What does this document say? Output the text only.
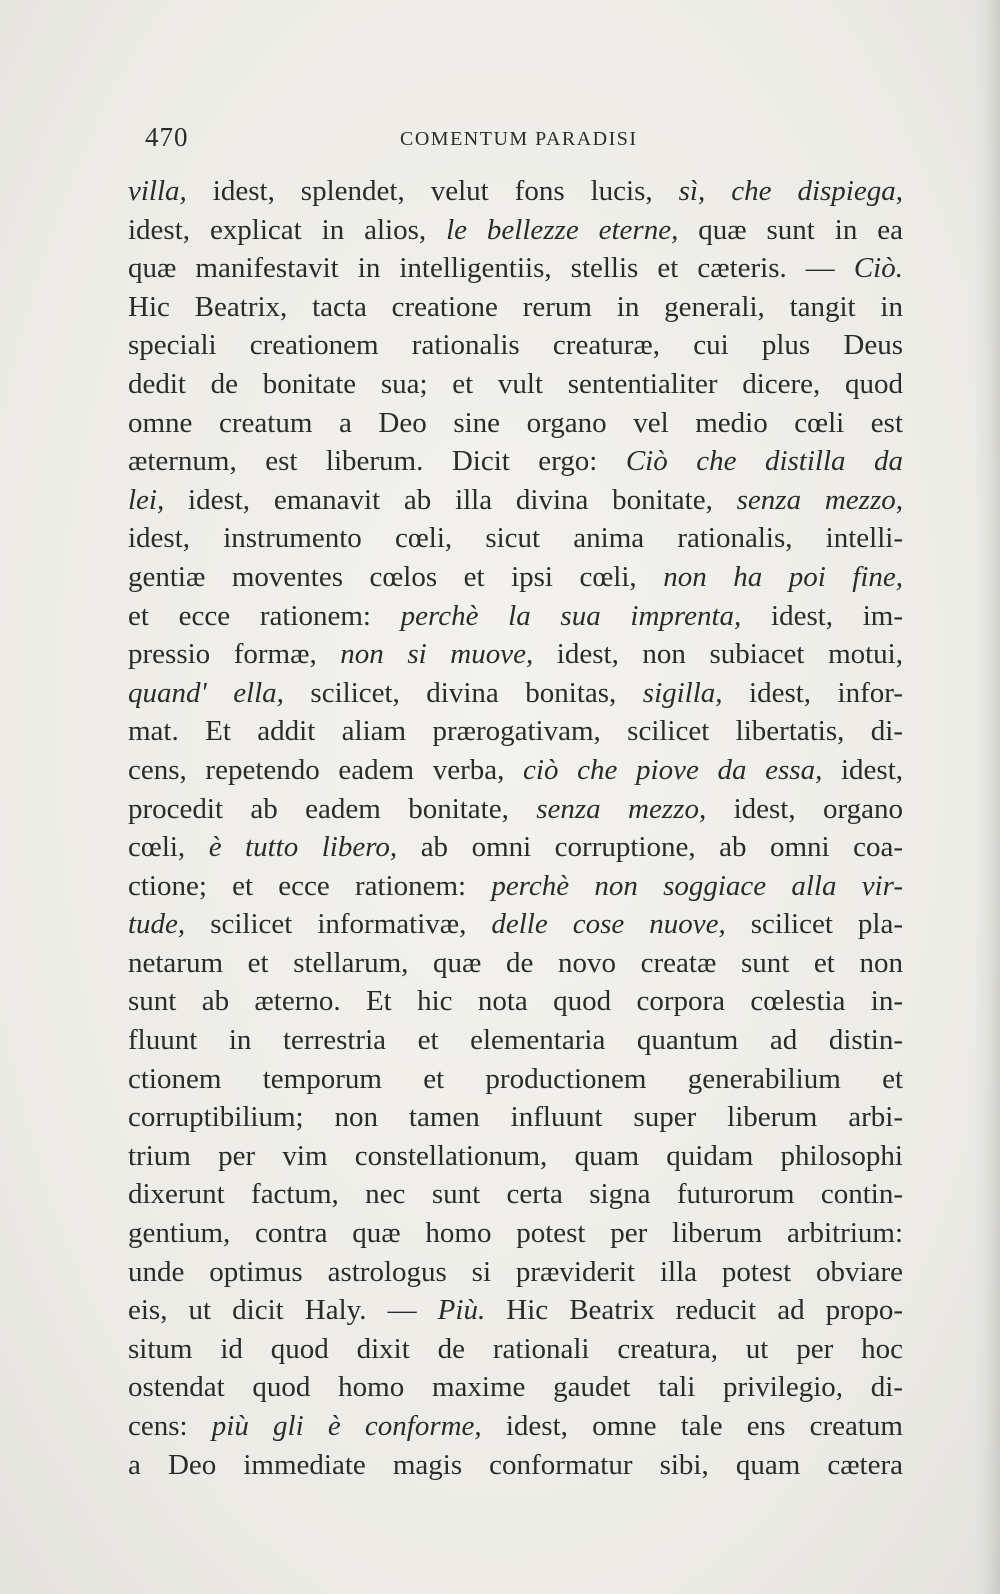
470	COMENTUM PARADISI
villa, idest, splendet, velut fons lucis, sì, che dispiega,
idest, explicat in alios, le bellezze eterne, quæ sunt in ea
quæ manifestavit in intelligentiis, stellis et cæteris. — Ciò.
Hic Beatrix, tacta creatione rerum in generali, tangit in
speciali creationem rationalis creaturæ, cui plus Deus
dedit de bonitate sua; et vult sententialiter dicere, quod
omne creatum a Deo sine organo vel medio cœli est
æternum, est liberum. Dicit ergo: Ciò che distilla da
lei, idest, emanavit ab illa divina bonitate, senza mezzo,
idest, instrumento cœli, sicut anima rationalis, intelli-
gentiæ moventes cœlos et ipsi cœli, non ha poi fine,
et ecce rationem: perchè la sua imprenta, idest, im-
pressio formæ, non si muove, idest, non subiacet motui,
quand' ella, scilicet, divina bonitas, sigilla, idest, infor-
mat. Et addit aliam prærogativam, scilicet libertatis, di-
cens, repetendo eadem verba, ciò che piove da essa, idest,
procedit ab eadem bonitate, senza mezzo, idest, organo
cœli, è tutto libero, ab omni corruptione, ab omni coa-
ctione; et ecce rationem: perchè non soggiace alla vir-
tude, scilicet informativæ, delle cose nuove, scilicet pla-
netarum et stellarum, quæ de novo creatæ sunt et non
sunt ab æterno. Et hic nota quod corpora cœlestia in-
fluunt in terrestria et elementaria quantum ad distin-
ctionem temporum et productionem generabilium et
corruptibilium; non tamen influunt super liberum arbi-
trium per vim constellationum, quam quidam philosophi
dixerunt factum, nec sunt certa signa futurorum contin-
gentium, contra quæ homo potest per liberum arbitrium:
unde optimus astrologus si præviderit illa potest obviare
eis, ut dicit Haly. — Più. Hic Beatrix reducit ad propo-
situm id quod dixit de rationali creatura, ut per hoc
ostendat quod homo maxime gaudet tali privilegio, di-
cens: più gli è conforme, idest, omne tale ens creatum
a Deo immediate magis conformatur sibi, quam cætera
